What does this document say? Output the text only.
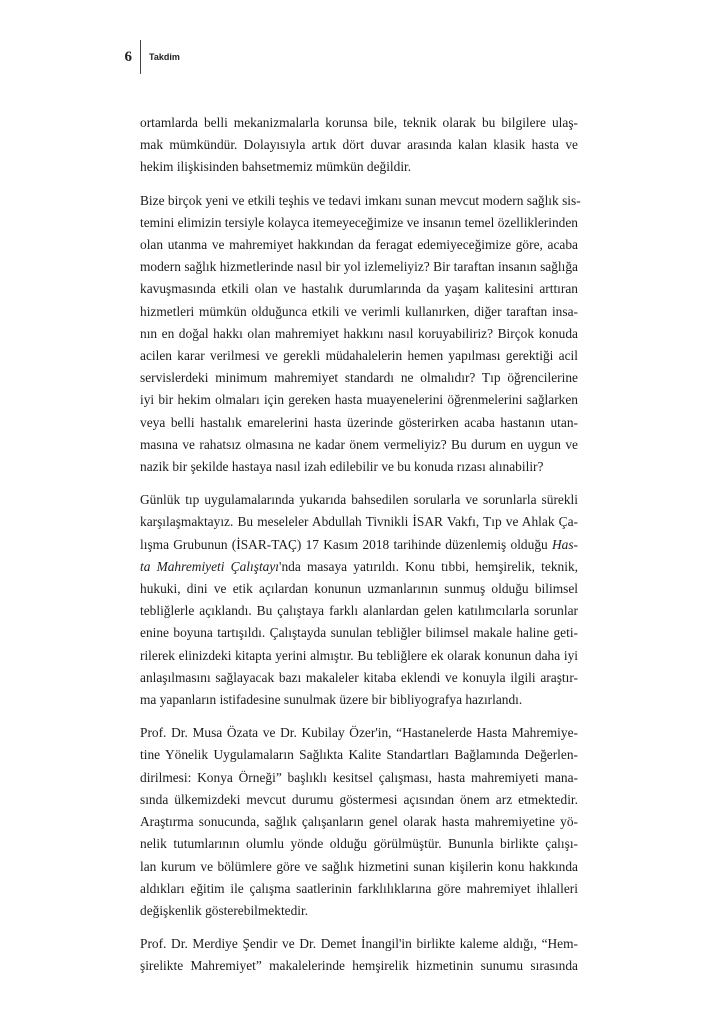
6	Takdim

ortamlarda belli mekanizmalarla korunsa bile, teknik olarak bu bilgilere ulaş-
mak mümkündür. Dolayısıyla artık dört duvar arasında kalan klasik hasta ve
hekim ilişkisinden bahsetmemiz mümkün değildir.

Bize birçok yeni ve etkili teşhis ve tedavi imkanı sunan mevcut modern sağlık sis-
temini elimizin tersiyle kolayca itemeyeceğimize ve insanın temel özelliklerinden
olan utanma ve mahremiyet hakkından da feragat edemiyeceğimize göre, acaba
modern sağlık hizmetlerinde nasıl bir yol izlemeliyiz? Bir taraftan insanın sağlığa
kavuşmasında etkili olan ve hastalık durumlarında da yaşam kalitesini arttıran
hizmetleri mümkün olduğunca etkili ve verimli kullanırken, diğer taraftan insa-
nın en doğal hakkı olan mahremiyet hakkını nasıl koruyabiliriz? Birçok konuda
acilen karar verilmesi ve gerekli müdahalelerin hemen yapılması gerektiği acil
servislerdeki minimum mahremiyet standardı ne olmalıdır? Tıp öğrencilerine
iyi bir hekim olmaları için gereken hasta muayenelerini öğrenmelerini sağlarken
veya belli hastalık emarelerini hasta üzerinde gösterirken acaba hastanın utan-
masına ve rahatsız olmasına ne kadar önem vermeliyiz? Bu durum en uygun ve
nazik bir şekilde hastaya nasıl izah edilebilir ve bu konuda rızası alınabilir?

Günlük tıp uygulamalarında yukarıda bahsedilen sorularla ve sorunlarla sürekli
karşılaşmaktayız. Bu meseleler Abdullah Tivnikli İSAR Vakfı, Tıp ve Ahlak Ça-
lışma Grubunun (İSAR-TAÇ) 17 Kasım 2018 tarihinde düzenlemiş olduğu Has-
ta Mahremiyeti Çalıştayı'nda masaya yatırıldı. Konu tıbbi, hemşirelik, teknik,
hukuki, dini ve etik açılardan konunun uzmanlarının sunmuş olduğu bilimsel
tebliğlerle açıklandı. Bu çalıştaya farklı alanlardan gelen katılımcılarla sorunlar
enine boyuna tartışıldı. Çalıştayda sunulan tebliğler bilimsel makale haline geti-
rilerek elinizdeki kitapta yerini almıştır. Bu tebliğlere ek olarak konunun daha iyi
anlaşılmasını sağlayacak bazı makaleler kitaba eklendi ve konuyla ilgili araştır-
ma yapanların istifadesine sunulmak üzere bir bibliyografya hazırlandı.

Prof. Dr. Musa Özata ve Dr. Kubilay Özer'in, “Hastanelerde Hasta Mahremiye-
tine Yönelik Uygulamaların Sağlıkta Kalite Standartları Bağlamında Değerlen-
dirilmesi: Konya Örneği” başlıklı kesitsel çalışması, hasta mahremiyeti mana-
sında ülkemizdeki mevcut durumu göstermesi açısından önem arz etmektedir.
Araştırma sonucunda, sağlık çalışanların genel olarak hasta mahremiyetine yö-
nelik tutumlarının olumlu yönde olduğu görülmüştür. Bununla birlikte çalışı-
lan kurum ve bölümlere göre ve sağlık hizmetini sunan kişilerin konu hakkında
aldıkları eğitim ile çalışma saatlerinin farklılıklarına göre mahremiyet ihlalleri
değişkenlik gösterebilmektedir.

Prof. Dr. Merdiye Şendir ve Dr. Demet İnangil'in birlikte kaleme aldığı, “Hem-
şirelikte Mahremiyet” makalelerinde hemşirelik hizmetinin sunumu sırasında
